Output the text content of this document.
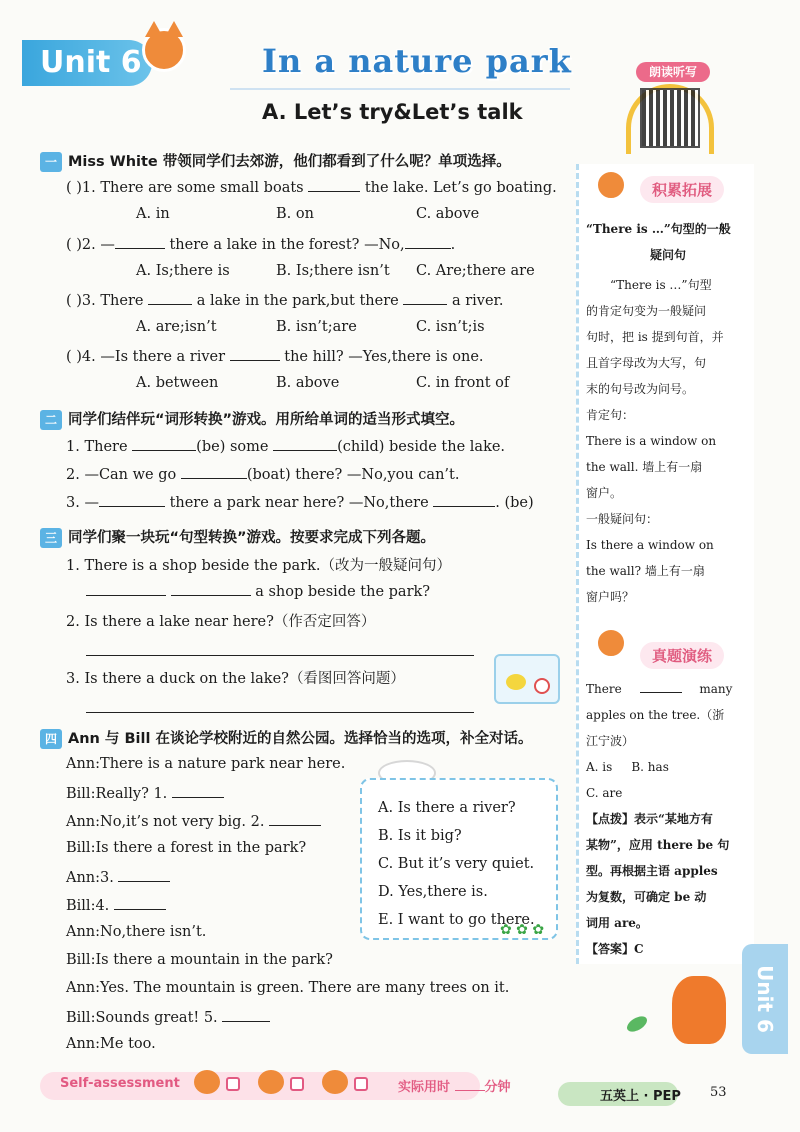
Unit 6	In a nature park	朗读听写
A. Let’s try&Let’s talk
一 Miss White 带领同学们去郊游，他们都看到了什么呢？单项选择。
( )1. There are some small boats	the lake. Let’s go boating.
A. in	B. on	C. above
( )2. —	there a lake in the forest? —No,	.
A. Is;there is	B. Is;there isn’t C. Are;there are
( )3. There	a lake in the park,but there	a river.
A. are;isn’t	B. isn’t;are	C. isn’t;is
( )4. —Is there a river	the hill? —Yes,there is one.
A. between	B. above	C. in front of
二 同学们结伴玩“词形转换”游戏。用所给单词的适当形式填空。
1. There	(be) some	(child) beside the lake.
2. —Can we go	(boat) there? —No,you can’t.
3. —	there a park near here? —No,there	. (be)
三 同学们聚一块玩“句型转换”游戏。按要求完成下列各题。
1. There is a shop beside the park.（改为一般疑问句）
a shop beside the park?
2. Is there a lake near here?（作否定回答）
3. Is there a duck on the lake?（看图回答问题）
四 Ann 与 Bill 在谈论学校附近的自然公园。选择恰当的选项，补全对话。
Ann:There is a nature park near here.
Bill:Really? 1.
Ann:No,it’s not very big. 2.
Bill:Is there a forest in the park?
Ann:3.
Bill:4.
Ann:No,there isn’t.
Bill:Is there a mountain in the park?
Ann:Yes. The mountain is green. There are many trees on it.
Bill:Sounds great! 5.
Ann:Me too.
A. Is there a river?
B. Is it big?
C. But it’s very quiet.
D. Yes,there is.
E. I want to go there.
✿ ✿ ✿
积累拓展
“There is …”句型的一般
疑问句
“There is …”句型
的肯定句变为一般疑问
句时，把 is 提到句首，并
且首字母改为大写，句
末的句号改为问号。
肯定句：
There is a window on
the wall. 墙上有一扇
窗户。
一般疑问句：
Is there a window on
the wall? 墙上有一扇
窗户吗？
真题演练
There	many
apples on the tree.（浙
江宁波）
A. is     B. has
C. are
【点拨】表示“某地方有
某物”，应用 there be 句
型。再根据主语 apples
为复数，可确定 be 动
词用 are。
【答案】C
Unit 6
Self-assessment	实际用时	分钟
五英上 · PEP 53
